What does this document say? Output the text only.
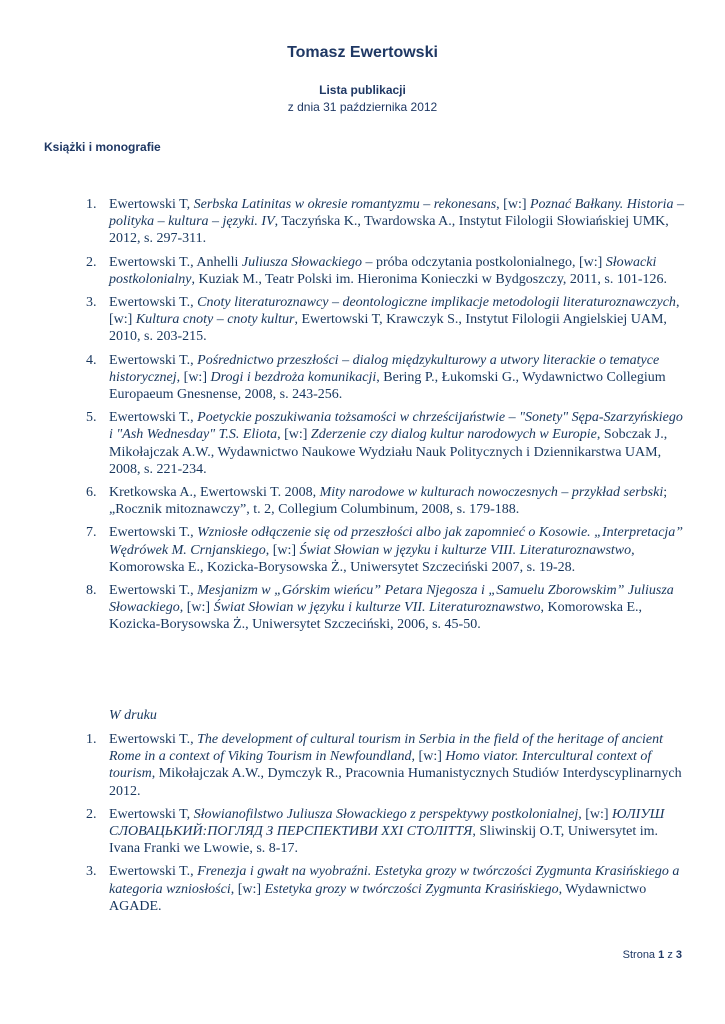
Tomasz Ewertowski
Lista publikacji
z dnia 31 października 2012
Książki i monografie
1. Ewertowski T, Serbska Latinitas w okresie romantyzmu – rekonesans, [w:] Poznać Bałkany. Historia – polityka – kultura – języki. IV, Taczyńska K., Twardowska A., Instytut Filologii Słowiańskiej UMK, 2012, s. 297-311.
2. Ewertowski T., Anhelli Juliusza Słowackiego – próba odczytania postkolonialnego, [w:] Słowacki postkolonialny, Kuziak M., Teatr Polski im. Hieronima Konieczki w Bydgoszczy, 2011, s. 101-126.
3. Ewertowski T., Cnoty literaturoznawcy – deontologiczne implikacje metodologii literaturoznawczych, [w:] Kultura cnoty – cnoty kultur, Ewertowski T, Krawczyk S., Instytut Filologii Angielskiej UAM, 2010, s. 203-215.
4. Ewertowski T., Pośrednictwo przeszłości – dialog międzykulturowy a utwory literackie o tematyce historycznej, [w:] Drogi i bezdroża komunikacji, Bering P., Łukomski G., Wydawnictwo Collegium Europaeum Gnesnense, 2008, s. 243-256.
5. Ewertowski T., Poetyckie poszukiwania tożsamości w chrześcijaństwie – "Sonety" Sępa-Szarzyńskiego i "Ash Wednesday" T.S. Eliota, [w:] Zderzenie czy dialog kultur narodowych w Europie, Sobczak J., Mikołajczak A.W., Wydawnictwo Naukowe Wydziału Nauk Politycznych i Dziennikarstwa UAM, 2008, s. 221-234.
6. Kretkowska A., Ewertowski T. 2008, Mity narodowe w kulturach nowoczesnych – przykład serbski; „Rocznik mitoznawczy”, t. 2, Collegium Columbinum, 2008, s. 179-188.
7. Ewertowski T., Wzniosłe odłączenie się od przeszłości albo jak zapomnieć o Kosowie. „Interpretacja” Wędrówek M. Crnjanskiego, [w:] Świat Słowian w języku i kulturze VIII. Literaturoznawstwo, Komorowska E., Kozicka-Borysowska Ż., Uniwersytet Szczeciński 2007, s. 19-28.
8. Ewertowski T., Mesjanizm w „Górskim wieńcu” Petara Njegosza i „Samuelu Zborowskim” Juliusza Słowackiego, [w:] Świat Słowian w języku i kulturze VII. Literaturoznawstwo, Komorowska E., Kozicka-Borysowska Ż., Uniwersytet Szczeciński, 2006, s. 45-50.
W druku
1. Ewertowski T., The development of cultural tourism in Serbia in the field of the heritage of ancient Rome in a context of Viking Tourism in Newfoundland, [w:] Homo viator. Intercultural context of tourism, Mikołajczak A.W., Dymczyk R., Pracownia Humanistycznych Studiów Interdyscyplinarnych 2012.
2. Ewertowski T, Słowianofilstwo Juliusza Słowackiego z perspektywy postkolonialnej, [w:] ЮЛІУШ СЛОВАЦЬКИЙ:ПОГЛЯД З ПЕРСПЕКТИВИ ХХІ СТОЛІТТЯ, Sliwinskij O.T, Uniwersytet im. Ivana Franki we Lwowie, s. 8-17.
3. Ewertowski T., Frenezja i gwałt na wyobraźni. Estetyka grozy w twórczości Zygmunta Krasińskiego a kategoria wzniosłości, [w:] Estetyka grozy w twórczości Zygmunta Krasińskiego, Wydawnictwo AGADE.
Strona 1 z 3
